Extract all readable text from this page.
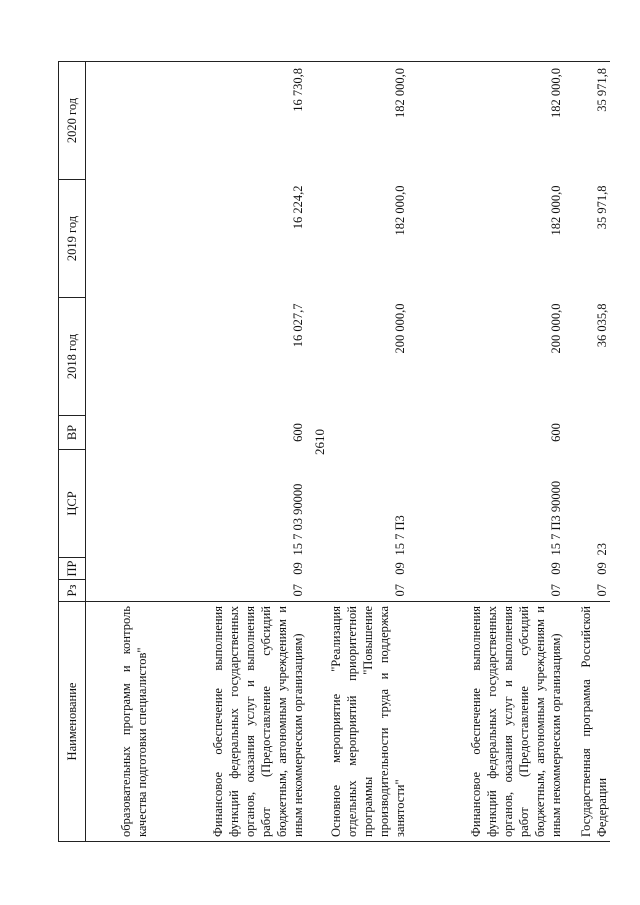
2610
Наименование	Рз	ПР	ЦСР	ВР	2018 год	2019 год	2020 год
образовательных программ и контроль качества подготовки специалистов"							
Финансовое обеспечение выполнения функций федеральных государственных органов, оказания услуг и выполнения работ (Предоставление субсидий бюджетным, автономным учреждениям и иным некоммерческим организациям)	07	09	15 7 03 90000	600	16 027,7	16 224,2	16 730,8
Основное мероприятие "Реализация отдельных мероприятий приоритетной программы "Повышение производительности труда и поддержка занятости"	07	09	15 7 П3		200 000,0	182 000,0	182 000,0
Финансовое обеспечение выполнения функций федеральных государственных органов, оказания услуг и выполнения работ (Предоставление субсидий бюджетным, автономным учреждениям и иным некоммерческим организациям)	07	09	15 7 П3 90000	600	200 000,0	182 000,0	182 000,0
Государственная программа Российской Федерации	07	09	23		36 035,8	35 971,8	35 971,8
